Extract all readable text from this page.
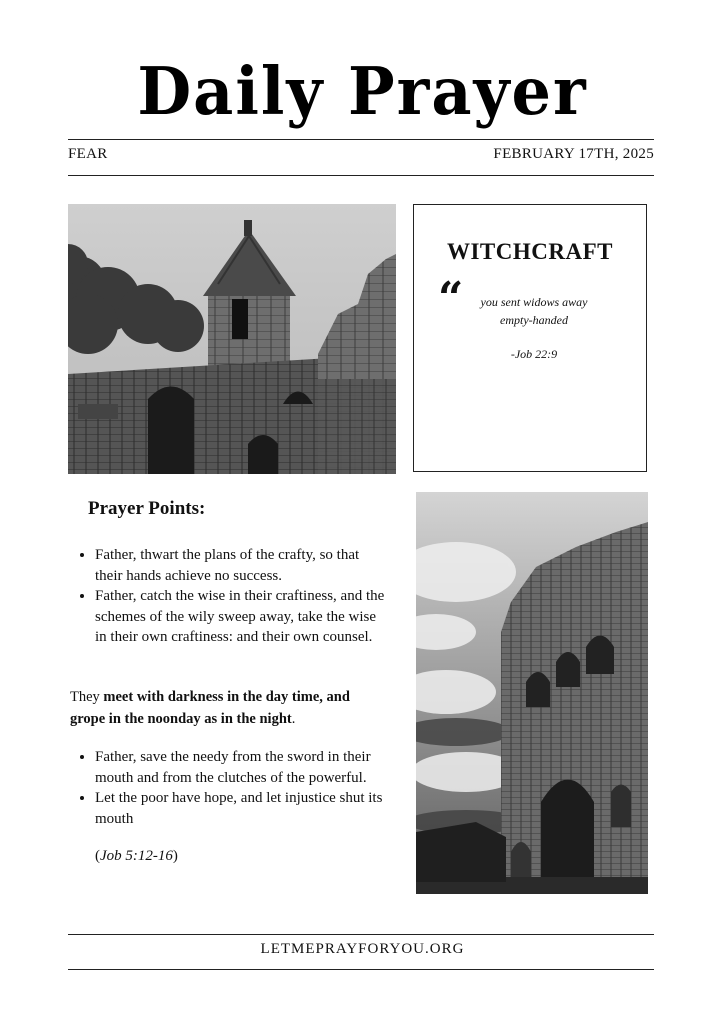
Daily Prayer
FEAR	FEBRUARY 17TH, 2025
WITCHCRAFT
“	you sent widows away empty-handed
-Job 22:9
Prayer Points:
• Father, thwart the plans of the crafty, so that their hands achieve no success.
• Father, catch the wise in their craftiness, and the schemes of the wily sweep away, take the wise in their own craftiness: and their own counsel.
They meet with darkness in the day time, and grope in the noonday as in the night.
• Father, save the needy from the sword in their mouth and from the clutches of the powerful.
• Let the poor have hope, and let injustice shut its mouth
(Job 5:12-16)
LETMEPRAYFORYOU.ORG
